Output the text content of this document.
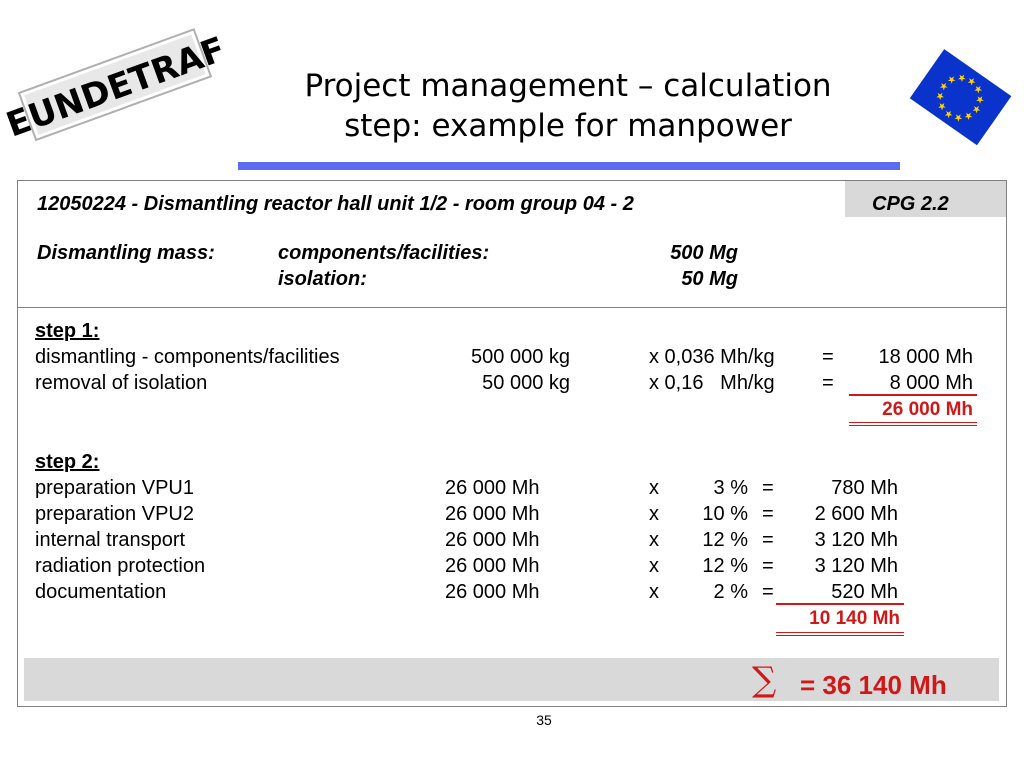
EUNDETRAF	Project management – calculation
step: example for manpower	★
★
★
★
★
★
★
★
★
★
★
★
12050224 - Dismantling reactor hall unit 1/2 - room group 04 - 2	CPG 2.2
Dismantling mass:	components/facilities:	500 Mg
isolation:	50 Mg
step 1:
dismantling - components/facilities	500 000 kg	x 0,036 Mh/kg =	18 000 Mh
removal of isolation	50 000 kg	x 0,16   Mh/kg =	8 000 Mh
26 000 Mh
step 2:
preparation VPU1	26 000 Mh	x	3 % =	780 Mh
preparation VPU2	26 000 Mh	x	10 % =	2 600 Mh
internal transport	26 000 Mh	x	12 % =	3 120 Mh
radiation protection	26 000 Mh	x	12 % =	3 120 Mh
documentation	26 000 Mh	x	2 % =	520 Mh
10 140 Mh
∑ = 36 140 Mh
35
